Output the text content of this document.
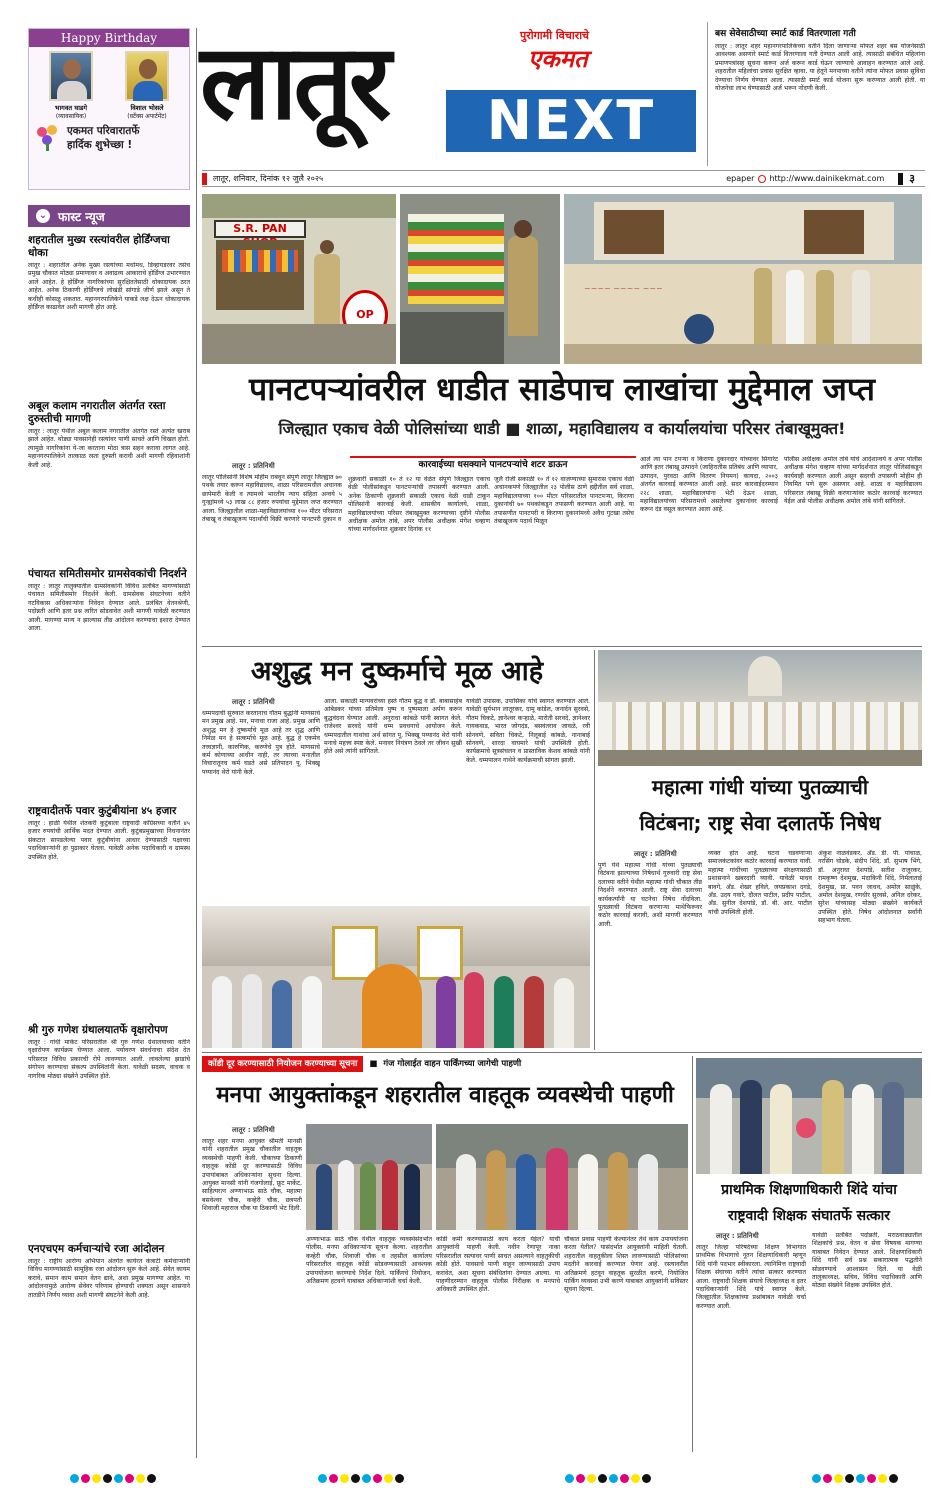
Happy Birthday
भागवत घाडगे
(व्यावसायिक)
विशाल भोसले
(वर्टेक्स अपार्टमेंट)
एकमत परिवारातर्फे
हार्दिक शुभेच्छा !
⌄ फास्ट न्यूज
शहरातील मुख्य रस्त्यांवरील होर्डिंग्जचा धोका
लातूर : शहरातील अनेक मुख्य रस्त्यांच्या मधोमध, डिव्हायडरवर तसेच प्रमुख चौकात मोठ्या प्रमाणावर व अवाढव्य आकाराचे होर्डिंग्ज उभारण्यात आले आहेत. हे होर्डिंग्ज नागरिकांच्या सुरक्षिततेसाठी धोकादायक ठरत आहेत. अनेक ठिकाणी होर्डिंग्जचे लोखंडी सांगाडे जीर्ण झाले असून ते कधीही कोसळू शकतात. महानगरपालिकेने याकडे लक्ष देऊन धोकादायक होर्डिंग्ज काढावेत अशी मागणी होत आहे.
अबूल कलाम नगरातील अंतर्गत रस्ता दुरुस्तीची मागणी
लातूर : लातूर येथील अबूल कलाम नगरातील अंतर्गत रस्ते अत्यंत खराब झाले आहेत. थोड्या पावसानेही रस्त्यांवर पाणी साचते आणि चिखल होतो. त्यामुळे नागरिकांना ये-जा करताना मोठा त्रास सहन करावा लागत आहे. महानगरपालिकेने तात्काळ रस्ता दुरुस्ती करावी अशी मागणी रहिवाशांनी केली आहे.
पंचायत समितीसमोर ग्रामसेवकांची निदर्शने
लातूर : लातूर तालुक्यातील ग्रामसेवकांनी विविध प्रलंबित मागण्यांसाठी पंचायत समितीसमोर निदर्शने केली. ग्रामसेवक संघटनेच्या वतीने गटविकास अधिकाऱ्यांना निवेदन देण्यात आले. प्रलंबित वेतनश्रेणी, पदोन्नती आणि इतर प्रश्न त्वरित सोडवावेत अशी मागणी यावेळी करण्यात आली. मागण्या मान्य न झाल्यास तीव्र आंदोलन करण्याचा इशारा देण्यात आला.
राष्ट्रवादीतर्फे पवार कुटुंबीयांना ४५ हजार
लातूर : हाळी येथील शेतकरी कुटुंबाला राष्ट्रवादी काँग्रेसच्या वतीने ४५ हजार रुपयांची आर्थिक मदत देण्यात आली. कुटुंबप्रमुखाच्या निधनानंतर संकटात सापडलेल्या पवार कुटुंबीयांना आधार देण्यासाठी पक्षाच्या पदाधिकाऱ्यांनी हा पुढाकार घेतला. यावेळी अनेक पदाधिकारी व ग्रामस्थ उपस्थित होते.
श्री गुरु गणेश ग्रंथालयातर्फे वृक्षारोपण
लातूर : गांधी मार्केट परिसरातील श्री गुरु गणेश ग्रंथालयाच्या वतीने वृक्षारोपण कार्यक्रम घेण्यात आला. पर्यावरण संवर्धनाचा संदेश देत परिसरात विविध प्रकारची रोपे लावण्यात आली. लावलेल्या झाडांचे संगोपन करण्याचा संकल्प उपस्थितांनी केला. यावेळी सदस्य, वाचक व नागरिक मोठ्या संख्येने उपस्थित होते.
एनएचएम कर्मचाऱ्यांचे रजा आंदोलन
लातूर : राष्ट्रीय आरोग्य अभियान अंतर्गत कार्यरत कंत्राटी कर्मचाऱ्यांनी विविध मागण्यांसाठी सामूहिक रजा आंदोलन सुरू केले आहे. सेवेत कायम करावे, समान काम समान वेतन द्यावे, अशा प्रमुख मागण्या आहेत. या आंदोलनामुळे आरोग्य सेवेवर परिणाम होण्याची शक्यता असून शासनाने तातडीने निर्णय घ्यावा अशी मागणी संघटनेने केली आहे.
लातूर	पुरोगामी विचाराचे
एकमत
NEXT
बस सेवेसाठीच्या स्मार्ट कार्ड वितरणाला गती
लातूर : लातूर शहर महानगरपालिकेच्या वतीने दिला जाणाऱ्या मोफत शहर बस योजनेसाठी आवश्यक असणारे स्मार्ट कार्ड वितरणाला गती देण्यात आली आहे. त्यासाठी संबंधित महिलांना प्रमाणपत्रांसह सूचना करून अर्ज करून कार्ड घेऊन जाण्याचे आवाहन करण्यात आले आहे. शहरातील महिलांचा प्रवास सुरक्षित व्हावा, या हेतूने मनपाच्या वतीने त्यांना मोफत प्रवास सुविधा देण्याचा निर्णय घेण्यात आला. त्यासाठी स्मार्ट कार्ड योजना सुरू करण्यात आली होती. या योजनेचा लाभ घेण्यासाठी अर्ज भरून नोंदणी केली.
लातूर, शनिवार, दिनांक १२ जुलै २०२५	epaper http://www.dainikekmat.com ३
S.R. PAN
OP
~~~~ ~~~~ ~~~
पानटपऱ्यांवरील धाडीत साडेपाच लाखांचा मुद्देमाल जप्त
जिल्ह्यात एकाच वेळी पोलिसांच्या धाडी ■ शाळा, महाविद्यालय व कार्यालयांचा परिसर तंबाखूमुक्त!
कारवाईच्या धसक्याने पानटपऱ्यांचे शटर डाऊन
लातूर : प्रतिनिधी
लातूर पोलिसांनी विशेष मोहीम राबवून संपूर्ण लातूर जिल्ह्यात ७० पथके तयार करून महाविद्यालय, शाळा परिसरामधील अचानक छापेमारी केली व त्यामध्ये भारतीय न्याय संहिता अन्वये ५ गुन्ह्यांमध्ये ५३ लाख ८८ हजार रुपयांचा मुद्देमाल जप्त करण्यात आला. जिल्ह्यातील शाळा-महाविद्यालयांच्या १०० मीटर परिसरात तंबाखू व तंबाखूजन्य पदार्थांची विक्री करणारे पानटपरी दुकान व
शुक्रवारी सकाळी १० ते १२ या वेळेत संपूर्ण जिल्ह्यात एकाच वेळी पोलीसांकडून पानटपऱ्यांची तपासणी करण्यात आली. अनेक ठिकाणी शुक्रवारी सकाळी एकाच वेळी धाडी टाकून पोलिसांनी कारवाई केली. शासकीय कार्यालये, शाळा, महाविद्यालयांच्या परिसर तंबाखूमुक्त करण्याच्या दृष्टीने पोलीस अधीक्षक अमोल तांबे, अपर पोलीस अधीक्षक मंगेश चव्हाण यांच्या मार्गदर्शनात शुक्रवार दिनांक ११
जुलै रोजी सकाळी १० ते १२ वाजण्याच्या सुमारास एकाच वेळी अचानकपणे जिल्ह्यातील २३ पोलीस ठाणे हद्दीतील सर्व शाळा, महाविद्यालयाच्या १०० मीटर परिसरातील पानटपऱ्या, किराणा दुकानांची ७० पथकांकडून तपासणी करण्यात आली आहे. या तपासणीत पानटपरी व किराणा दुकानांमध्ये अवैध गुटखा तसेच तंबाखूजन्य पदार्थ मिळून
आले त्या पान टपऱ्या व किराणा दुकानदार यांच्यावर सिगारेट आणि इतर तंबाखू उत्पादने (जाहिरातीस प्रतिबंध आणि व्यापार, उत्पादन, पुरवठा आणि वितरण नियमन) कायदा, २००३ अंतर्गत कारवाई करण्यात आली आहे. सदर कारवाईदरम्यान २२८ शाळा, महाविद्यालयांना भेटी देऊन शाळा, महाविद्यालयांच्या परिसरामध्ये असलेल्या दुकानांवर कारवाई करून दंड वसूल करण्यात आला आहे.
पोलीस अधीक्षक अमोल तांबे यांचे आदेशान्वये व अपर पोलीस अधीक्षक मंगेश चव्हाण यांच्या मार्गदर्शनात लातूर पोलिसांकडून कार्यवाही करण्यात आली असून सदरची तपासणी मोहीम ही नियमित पणे सुरू असणार आहे. शाळा व महाविद्यालय परिसरात तंबाखू विक्री करणाऱ्यांवर कठोर कारवाई करण्यात येईल असे पोलीस अधीक्षक अमोल तांबे यांनी सांगितले.
अशुद्ध मन दुष्कर्माचे मूळ आहे
लातूर : प्रतिनिधी
धम्मपदाची सुरुवात करतानाच गौतम बुद्धांनी माणसाचे मन प्रमुख आहे. मन, मनाचा राजा आहे. प्रमुख आणि अशुद्ध मन हे दुष्कर्माचे मूळ आहे तर शुद्ध आणि निर्मळ मन हे सत्कर्माचे मूळ आहे. बुद्ध हे एकमेव तत्त्वज्ञानी, कारुणिक, करुणेचे पुत्र होते. माणसाचे कर्म कोणाच्या आधीन नाही, तर त्याच्या मनातील विचारातूनच कर्म घडते असे प्रतिपादन पू. भिक्खू पय्यानंद थेरो यांनी केले.
आला. सकाळी मान्यवरांच्या हस्ते गौतम बुद्ध व डॉ. बाबासाहेब आंबेडकर यांच्या प्रतिमेला पुष्प व पुष्पमाला अर्पण करून बुद्धवंदना घेण्यात आली. अनुराधा कांबळे यांनी स्वागत केले. राजेश्वर सरवदे यांनी धम्म प्रवचनाचे आयोजन केले. धम्मपदातील गाथांचा अर्थ सांगत पू. भिक्खू पय्यानंद थेरो यांनी मनाचे महत्त्व स्पष्ट केले. मनावर नियंत्रण ठेवले तर जीवन सुखी होते असे त्यांनी सांगितले.
यावेळी उपासक, उपासिका यांचे स्वागत करण्यात आले. यावेळी सुर्यभान लातूरकर, दामू कांडेल, जनार्दन सुरवसे, गौतम चिकटे, ज्ञानेश्वर कऱ्हाळे, मारोती सरवदे, ज्ञानेश्वर गायकवाड, भारत जोगदंड, बसवंतराव जावळे, रवी सोनवणे, सविता चिकटे, निलूबाई कांबळे, नानाबाई सोनवणे, शारदा वाघमारे यांची उपस्थिती होती. कार्यक्रमाचे सूत्रसंचलन व प्रास्ताविक केशव कांबळे यांनी केले. धम्मपालन गाथेने कार्यक्रमाची सांगता झाली.
महात्मा गांधी यांच्या पुतळ्याची
विटंबना; राष्ट्र सेवा दलातर्फे निषेध
लातूर : प्रतिनिधी
पुणे येथे महात्मा गांधी यांच्या पुतळ्याची विटंबना झाल्याच्या निषेधार्थ गुरुवारी राष्ट्र सेवा दलाच्या वतीने येथील महात्मा गांधी चौकात तीव्र निदर्शने करण्यात आली. राष्ट्र सेवा दलाच्या कार्यकर्त्यांनी या घटनेचा निषेध नोंदविला. पुतळ्याची विटंबना करणाऱ्या माथेफिरूवर कठोर कारवाई करावी, अशी मागणी करण्यात आली.
व्यक्त होत आहे. घटना घडवणाऱ्या समाजकंटकांवर कठोर कारवाई करण्यात यावी. महात्मा गांधींच्या पुतळ्याच्या संरक्षणासाठी प्रशासनाने खबरदारी घ्यावी. यावेळी माधव बावगे, अ‍ॅड. शेखर हविले, जयप्रकाश दगडे, अ‍ॅड. उदय गवारे, दौलत पाटील, प्रदीप पाटील, अ‍ॅड. सुनील देशपांडे, डॉ. बी. आर. पाटील यांची उपस्थिती होती.
अंकुश नाळवंडकर, अ‍ॅड. डी. पी. पांचाळ, नरसिंग घोडके, संदीप शिंदे, डॉ. सुभाष भिंगे, डॉ. अनुराधा देशपांडे, सतीश राजूरकर, रामकृष्ण देशमुख, मंदाकिनी शिंदे, निर्मलाताई देशमुख, प्रा. पवन जाधव, अमोल साळुंके, अमोल देशमुख, रणधीर सुरवसे, अनिल दरेकर, सुरेश यांच्यासह मोठ्या संख्येने कार्यकर्ते उपस्थित होते. निषेध आंदोलनात सर्वांनी सहभाग घेतला.
कोंडी दूर करण्यासाठी नियोजन करण्याच्या सूचना	■ गंज गोलाईत वाहन पार्किंगच्या जागेची पाहणी
मनपा आयुक्तांकडून शहरातील वाहतूक व्यवस्थेची पाहणी
लातूर : प्रतिनिधी
लातूर शहर मनपा आयुक्त श्रीमती मानसी यांनी शहरातील प्रमुख चौकातील वाहतूक व्यवस्थेची पाहणी केली. चौकाच्या ठिकाणी वाहतूक कोंडी दूर करण्यासाठी विविध उपायांबाबत अधिकाऱ्यांना सूचना दिल्या. आयुक्त मानसी यांनी गंजगोलाई, फ्रूट मार्केट, साहित्यरत्न अण्णाभाऊ साठे चौक, महात्मा बसवेश्वर चौक, कव्हेरी चौक, छत्रपती शिवाजी महाराज चौक या ठिकाणी भेट दिली.
अण्णाभाऊ साठे चौक येथील वाहतूक व्यवस्थेसंदर्भात पोलीस, मनपा अधिकाऱ्यांना सूचना केल्या. शहरातील कव्हेरी चौक, शिवाजी चौक व तहसील कार्यालय परिसरातील वाहतूक कोंडी सोडवण्यासाठी आवश्यक उपाययोजना करण्याचे निर्देश दिले. पार्किंगचे नियोजन, अतिक्रमण हटवणे याबाबत अधिकाऱ्यांशी चर्चा केली.
कोंडी कमी करण्यासाठी काय करता येईल? याची आयुक्तांनी पाहणी केली. नवीन रेणापूर नाका परिसरातील रस्त्यावर पाणी साचत असल्याने वाहतुकीची कोंडी होते. पावसाचे पाणी वाहून जाण्यासाठी उपाय करावेत, अशा सूचना संबंधितांना देण्यात आल्या. या पाहणीदरम्यान वाहतूक पोलीस निरीक्षक व मनपाचे अधिकारी उपस्थित होते.
चौकात प्रवास पाहणी केल्यानंतर तेथे काय उपाययोजना करता येतील? यासंदर्भात आयुक्तांनी माहिती घेतली. शहरातील वाहतुकीला शिस्त लावण्यासाठी पोलिसांच्या मदतीने कारवाई करण्यात येणार आहे. रस्त्यावरील अतिक्रमणे हटवून वाहतूक सुरळीत करणे, नियोजित पार्किंग व्यवस्था उभी करणे याबाबत आयुक्तांनी सविस्तर सूचना दिल्या.
प्राथमिक शिक्षणाधिकारी शिंदे यांचा
राष्ट्रवादी शिक्षक संघातर्फे सत्कार
लातूर : प्रतिनिधी
लातूर जिल्हा परिषदेच्या शिक्षण विभागात प्राथमिक विभागाचे नूतन शिक्षणाधिकारी म्हणून शिंदे यांनी पदभार स्वीकारला. त्यानिमित्त राष्ट्रवादी शिक्षक संघाच्या वतीने त्यांचा सत्कार करण्यात आला. राष्ट्रवादी शिक्षक संघाचे जिल्हाध्यक्ष व इतर पदाधिकाऱ्यांनी शिंदे यांचे स्वागत केले. जिल्ह्यातील शिक्षकांच्या प्रश्नांबाबत यावेळी चर्चा करण्यात आली.
यावेळी प्रलंबित पदोन्नती, मराठवाड्यातील शिक्षकांचे प्रश्न, वेतन व सेवा विषयक मागण्या याबाबत निवेदन देण्यात आले. शिक्षणाधिकारी शिंदे यांनी सर्व प्रश्न सकारात्मक पद्धतीने सोडवण्याचे आश्वासन दिले. या वेळी तालुकाध्यक्ष, सचिव, विविध पदाधिकारी आणि मोठ्या संख्येने शिक्षक उपस्थित होते.
